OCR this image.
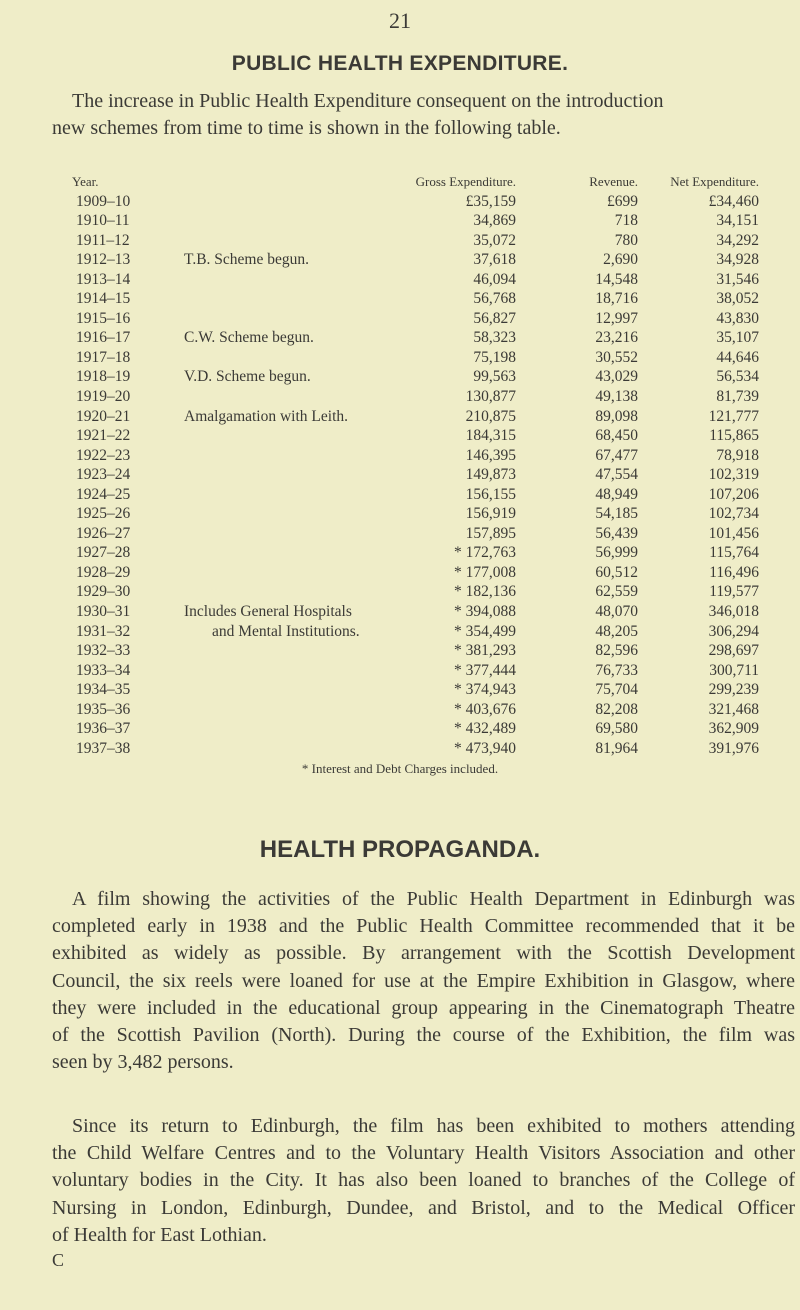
21
PUBLIC HEALTH EXPENDITURE.
The increase in Public Health Expenditure consequent on the introduction
new schemes from time to time is shown in the following table.
Year.		Gross Expenditure.	Revenue.	Net Expenditure.
1909–10		£35,159	£699	£34,460
1910–11		34,869	718	34,151
1911–12		35,072	780	34,292
1912–13	T.B. Scheme begun.	37,618	2,690	34,928
1913–14		46,094	14,548	31,546
1914–15		56,768	18,716	38,052
1915–16		56,827	12,997	43,830
1916–17	C.W. Scheme begun.	58,323	23,216	35,107
1917–18		75,198	30,552	44,646
1918–19	V.D. Scheme begun.	99,563	43,029	56,534
1919–20		130,877	49,138	81,739
1920–21	Amalgamation with Leith.	210,875	89,098	121,777
1921–22		184,315	68,450	115,865
1922–23		146,395	67,477	78,918
1923–24		149,873	47,554	102,319
1924–25		156,155	48,949	107,206
1925–26		156,919	54,185	102,734
1926–27		157,895	56,439	101,456
1927–28		* 172,763	56,999	115,764
1928–29		* 177,008	60,512	116,496
1929–30		* 182,136	62,559	119,577
1930–31	Includes General Hospitals	* 394,088	48,070	346,018
1931–32	and Mental Institutions.	* 354,499	48,205	306,294
1932–33		* 381,293	82,596	298,697
1933–34		* 377,444	76,733	300,711
1934–35		* 374,943	75,704	299,239
1935–36		* 403,676	82,208	321,468
1936–37		* 432,489	69,580	362,909
1937–38		* 473,940	81,964	391,976
* Interest and Debt Charges included.
HEALTH PROPAGANDA.
A film showing the activities of the Public Health Department in Edinburgh was
completed early in 1938 and the Public Health Committee recommended that it be
exhibited as widely as possible. By arrangement with the Scottish Development
Council, the six reels were loaned for use at the Empire Exhibition in Glasgow, where
they were included in the educational group appearing in the Cinematograph Theatre
of the Scottish Pavilion (North). During the course of the Exhibition, the film was
seen by 3,482 persons.
Since its return to Edinburgh, the film has been exhibited to mothers attending
the Child Welfare Centres and to the Voluntary Health Visitors Association and other
voluntary bodies in the City. It has also been loaned to branches of the College of
Nursing in London, Edinburgh, Dundee, and Bristol, and to the Medical Officer
of Health for East Lothian.
C
